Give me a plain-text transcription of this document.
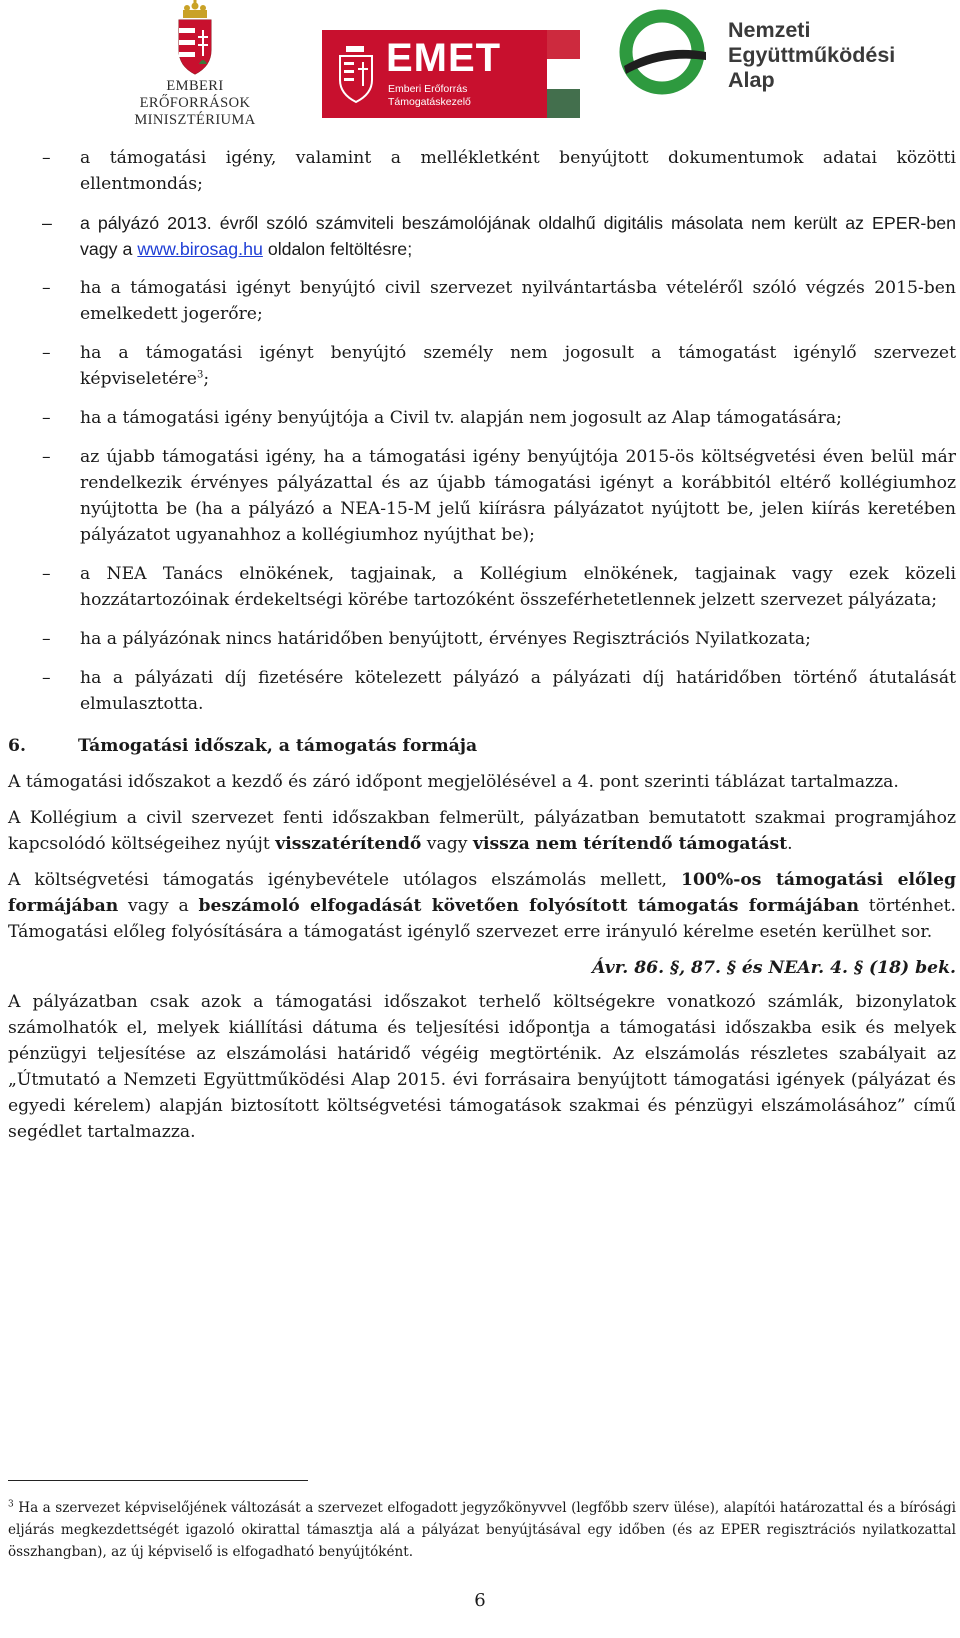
EMBERI ERŐFORRÁSOK
MINISZTÉRIUMA
EMET
Emberi Erőforrás
Támogatáskezelő
Nemzeti
Együttműködési
Alap
– a támogatási igény, valamint a mellékletként benyújtott dokumentumok adatai közötti ellentmondás;
– a pályázó 2013. évről szóló számviteli beszámolójának oldalhű digitális másolata nem került az EPER-ben vagy a www.birosag.hu oldalon feltöltésre;
– ha a támogatási igényt benyújtó civil szervezet nyilvántartásba vételéről szóló végzés 2015-ben emelkedett jogerőre;
– ha a támogatási igényt benyújtó személy nem jogosult a támogatást igénylő szervezet képviseletére$^3$;
– ha a támogatási igény benyújtója a Civil tv. alapján nem jogosult az Alap támogatására;
– az újabb támogatási igény, ha a támogatási igény benyújtója 2015-ös költségvetési éven belül már rendelkezik érvényes pályázattal és az újabb támogatási igényt a korábbitól eltérő kollégiumhoz nyújtotta be (ha a pályázó a NEA-15-M jelű kiírásra pályázatot nyújtott be, jelen kiírás keretében pályázatot ugyanahhoz a kollégiumhoz nyújthat be);
– a NEA Tanács elnökének, tagjainak, a Kollégium elnökének, tagjainak vagy ezek közeli hozzátartozóinak érdekeltségi körébe tartozóként összeférhetetlennek jelzett szervezet pályázata;
– ha a pályázónak nincs határidőben benyújtott, érvényes Regisztrációs Nyilatkozata;
– ha a pályázati díj fizetésére kötelezett pályázó a pályázati díj határidőben történő átutalását elmulasztotta.
6.	Támogatási időszak, a támogatás formája

A támogatási időszakot a kezdő és záró időpont megjelölésével a 4. pont szerinti táblázat tartalmazza.

A Kollégium a civil szervezet fenti időszakban felmerült, pályázatban bemutatott szakmai programjához kapcsolódó költségeihez nyújt visszatérítendő vagy vissza nem térítendő támogatást.

A költségvetési támogatás igénybevétele utólagos elszámolás mellett, 100%-os támogatási előleg formájában vagy a beszámoló elfogadását követően folyósított támogatás formájában történhet. Támogatási előleg folyósítására a támogatást igénylő szervezet erre irányuló kérelme esetén kerülhet sor.

Ávr. 86. §, 87. § és NEAr. 4. § (18) bek.

A pályázatban csak azok a támogatási időszakot terhelő költségekre vonatkozó számlák, bizonylatok számolhatók el, melyek kiállítási dátuma és teljesítési időpontja a támogatási időszakba esik és melyek pénzügyi teljesítése az elszámolási határidő végéig megtörténik. Az elszámolás részletes szabályait az „Útmutató a Nemzeti Együttműködési Alap 2015. évi forrásaira benyújtott támogatási igények (pályázat és egyedi kérelem) alapján biztosított költségvetési támogatások szakmai és pénzügyi elszámolásához” című segédlet tartalmazza.

$^3$ Ha a szervezet képviselőjének változását a szervezet elfogadott jegyzőkönyvvel (legfőbb szerv ülése), alapítói határozattal és a bírósági eljárás megkezdettségét igazoló okirattal támasztja alá a pályázat benyújtásával egy időben (és az EPER regisztrációs nyilatkozattal összhangban), az új képviselő is elfogadható benyújtóként.
6
